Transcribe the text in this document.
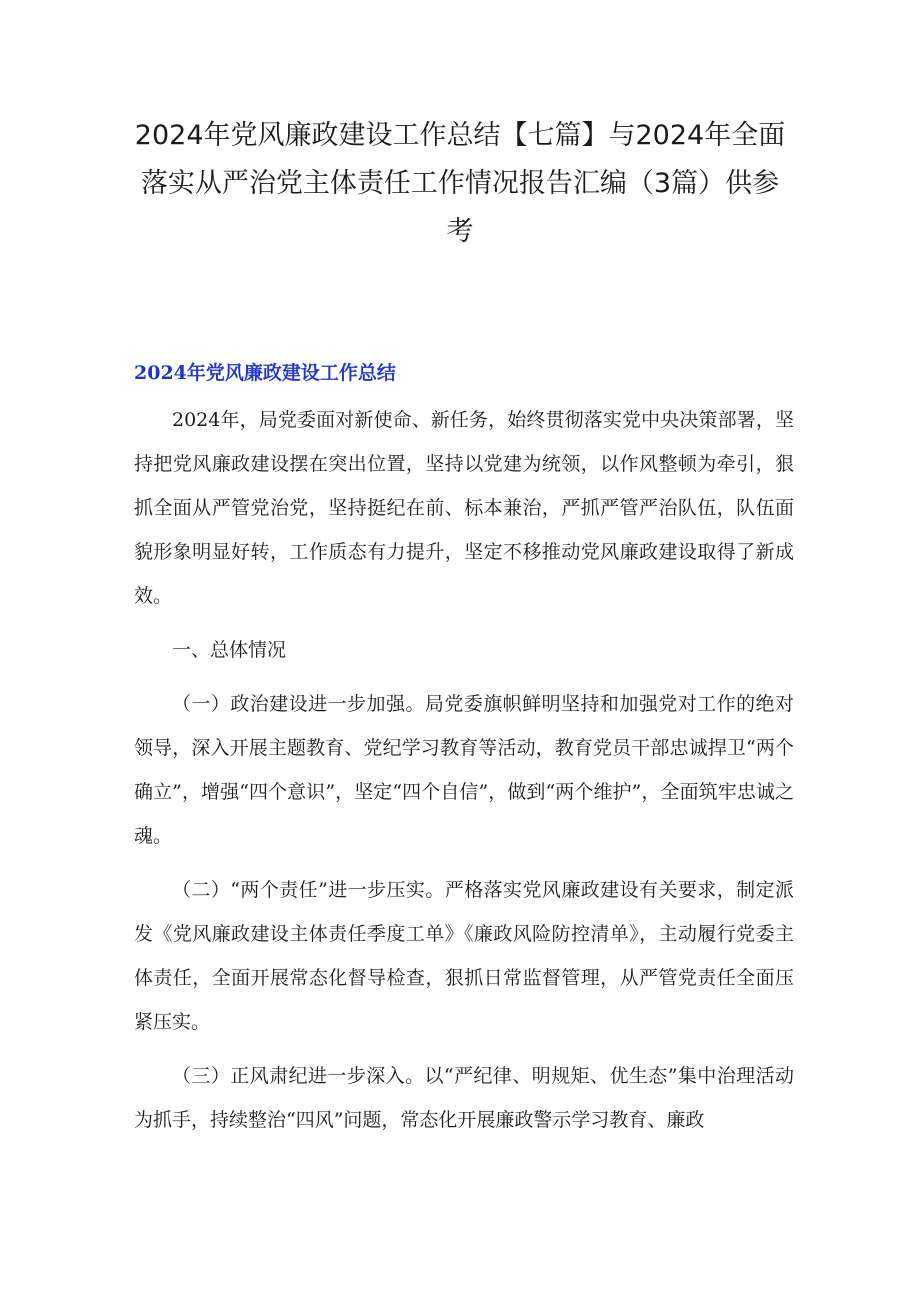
2024年党风廉政建设工作总结【七篇】与2024年全面落实从严治党主体责任工作情况报告汇编（3篇）供参考
2024年党风廉政建设工作总结

2024年，局党委面对新使命、新任务，始终贯彻落实党中央决策部署，坚持把党风廉政建设摆在突出位置，坚持以党建为统领，以作风整顿为牵引，狠抓全面从严管党治党，坚持挺纪在前、标本兼治，严抓严管严治队伍，队伍面貌形象明显好转，工作质态有力提升，坚定不移推动党风廉政建设取得了新成效。

一、总体情况

（一）政治建设进一步加强。局党委旗帜鲜明坚持和加强党对工作的绝对领导，深入开展主题教育、党纪学习教育等活动，教育党员干部忠诚捍卫“两个确立”，增强“四个意识”，坚定“四个自信”，做到“两个维护”，全面筑牢忠诚之魂。

（二）“两个责任”进一步压实。严格落实党风廉政建设有关要求，制定派发《党风廉政建设主体责任季度工单》《廉政风险防控清单》，主动履行党委主体责任，全面开展常态化督导检查，狠抓日常监督管理，从严管党责任全面压紧压实。

（三）正风肃纪进一步深入。以“严纪律、明规矩、优生态”集中治理活动为抓手，持续整治“四风”问题，常态化开展廉政警示学习教育、廉政
